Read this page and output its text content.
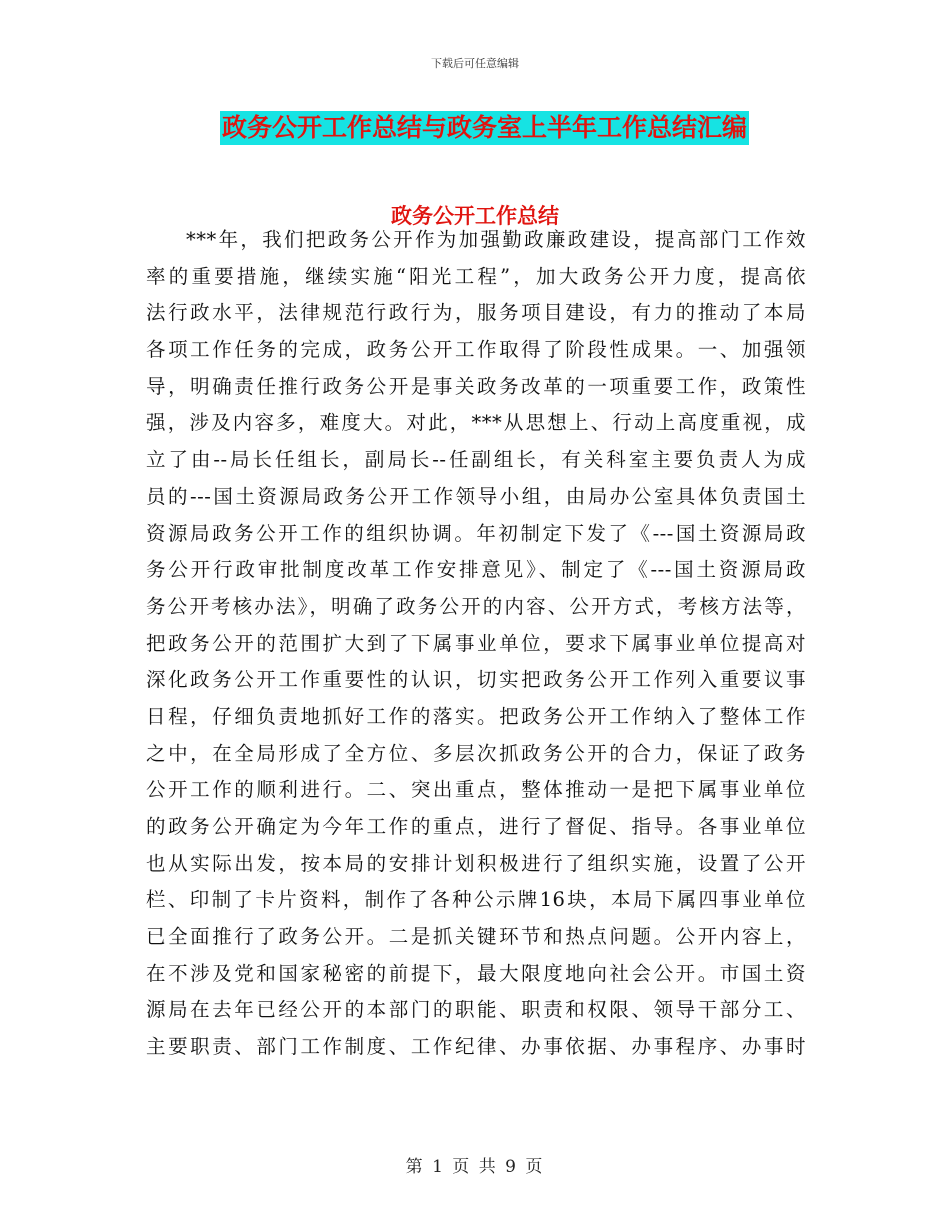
下载后可任意编辑
政务公开工作总结与政务室上半年工作总结汇编
政务公开工作总结
***年，我们把政务公开作为加强勤政廉政建设，提高部门工作效
率的重要措施，继续实施“阳光工程”，加大政务公开力度，提高依
法行政水平，法律规范行政行为，服务项目建设，有力的推动了本局
各项工作任务的完成，政务公开工作取得了阶段性成果。一、加强领
导，明确责任推行政务公开是事关政务改革的一项重要工作，政策性
强，涉及内容多，难度大。对此，***从思想上、行动上高度重视，成
立了由--局长任组长，副局长--任副组长，有关科室主要负责人为成
员的---国土资源局政务公开工作领导小组，由局办公室具体负责国土
资源局政务公开工作的组织协调。年初制定下发了《---国土资源局政
务公开行政审批制度改革工作安排意见》、制定了《---国土资源局政
务公开考核办法》，明确了政务公开的内容、公开方式，考核方法等，
把政务公开的范围扩大到了下属事业单位，要求下属事业单位提高对
深化政务公开工作重要性的认识，切实把政务公开工作列入重要议事
日程，仔细负责地抓好工作的落实。把政务公开工作纳入了整体工作
之中，在全局形成了全方位、多层次抓政务公开的合力，保证了政务
公开工作的顺利进行。二、突出重点，整体推动一是把下属事业单位
的政务公开确定为今年工作的重点，进行了督促、指导。各事业单位
也从实际出发，按本局的安排计划积极进行了组织实施，设置了公开
栏、印制了卡片资料，制作了各种公示牌16块，本局下属四事业单位
已全面推行了政务公开。二是抓关键环节和热点问题。公开内容上，
在不涉及党和国家秘密的前提下，最大限度地向社会公开。市国土资
源局在去年已经公开的本部门的职能、职责和权限、领导干部分工、
主要职责、部门工作制度、工作纪律、办事依据、办事程序、办事时
第 1 页 共 9 页
